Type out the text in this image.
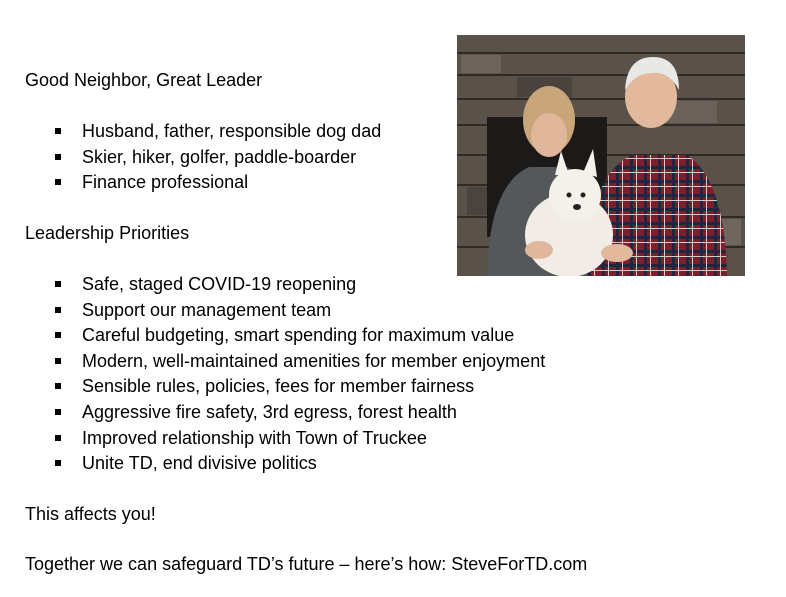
Good Neighbor, Great Leader
Husband, father, responsible dog dad
Skier, hiker, golfer, paddle-boarder
Finance professional
Leadership Priorities
Safe, staged COVID-19 reopening
Support our management team
Careful budgeting, smart spending for maximum value
Modern, well-maintained amenities for member enjoyment
Sensible rules, policies, fees for member fairness
Aggressive fire safety, 3rd egress, forest health
Improved relationship with Town of Truckee
Unite TD, end divisive politics

This affects you!

Together we can safeguard TD’s future – here’s how: SteveForTD.com
